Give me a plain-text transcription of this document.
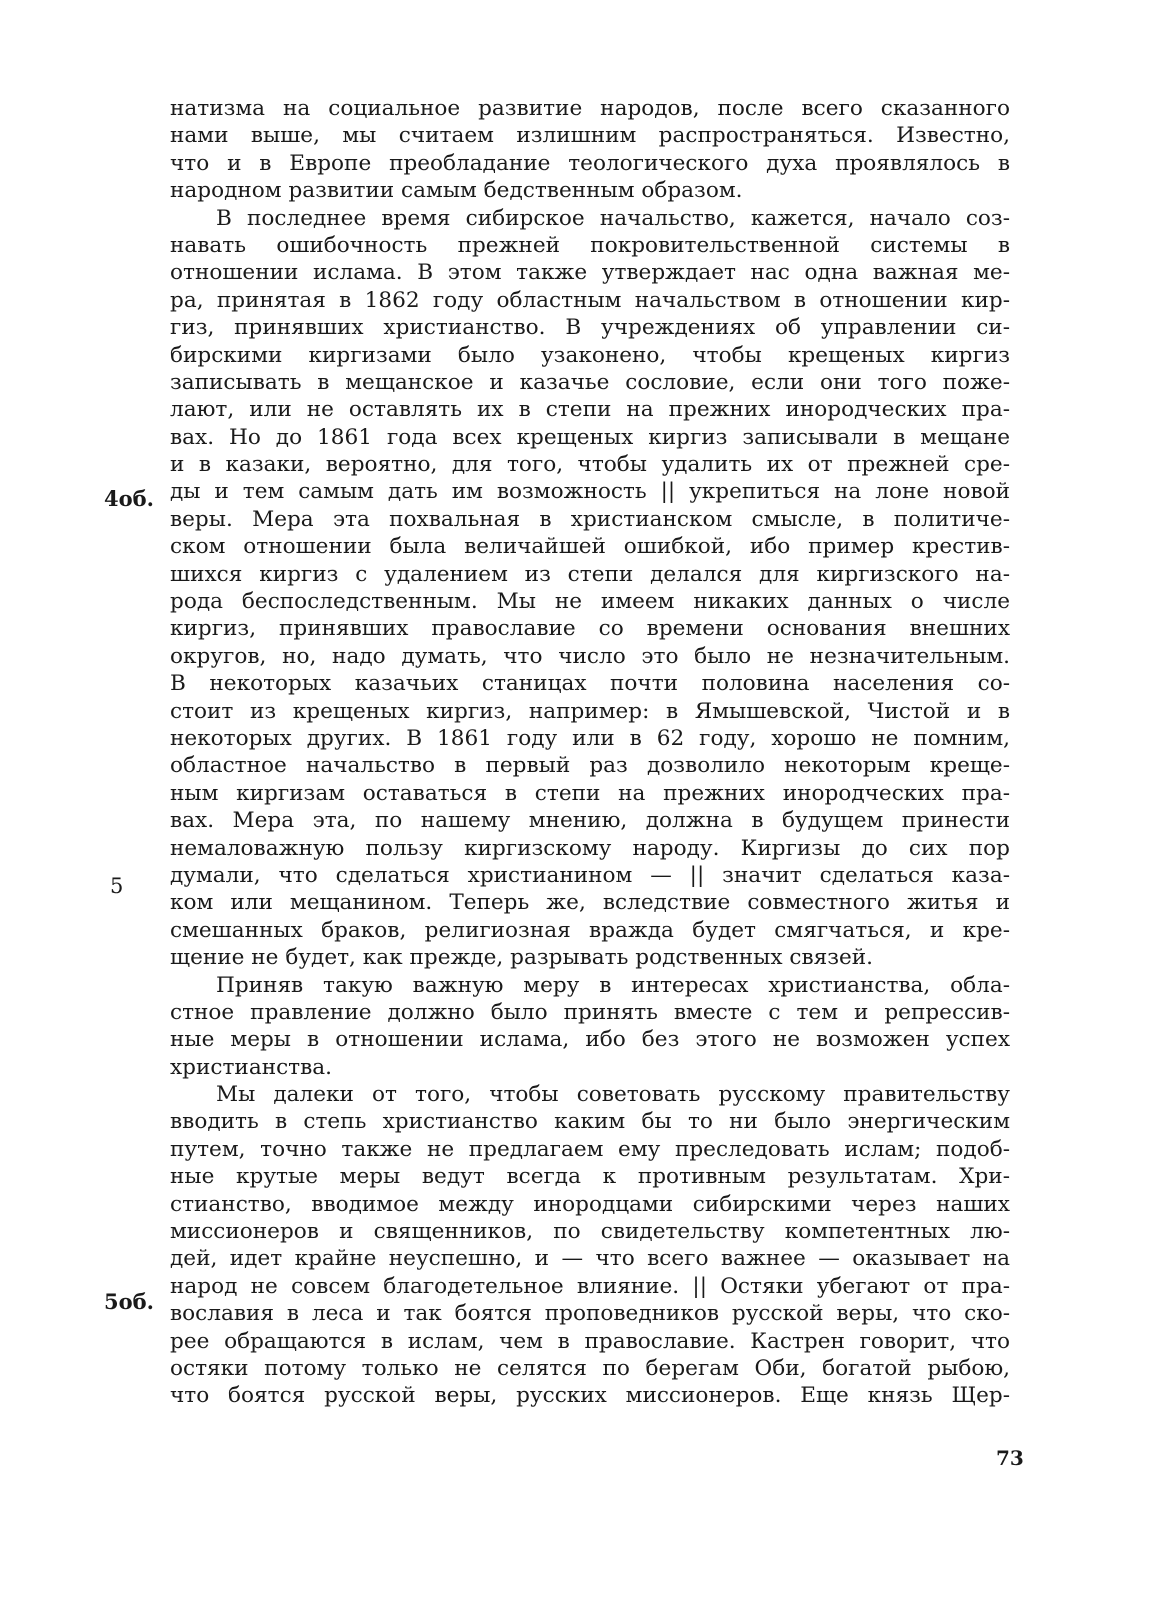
натизма на социальное развитие народов, после всего сказанного
нами выше, мы считаем излишним распространяться. Известно,
что и в Европе преобладание теологического духа проявлялось в
народном развитии самым бедственным образом.
В последнее время сибирское начальство, кажется, начало соз-
навать ошибочность прежней покровительственной системы в
отношении ислама. В этом также утверждает нас одна важная ме-
ра, принятая в 1862 году областным начальством в отношении кир-
гиз, принявших христианство. В учреждениях об управлении си-
бирскими киргизами было узаконено, чтобы крещеных киргиз
записывать в мещанское и казачье сословие, если они того поже-
лают, или не оставлять их в степи на прежних инородческих пра-
вах. Но до 1861 года всех крещеных киргиз записывали в мещане
и в казаки, вероятно, для того, чтобы удалить их от прежней сре-
ды и тем самым дать им возможность || укрепиться на лоне новой
веры. Мера эта похвальная в христианском смысле, в политиче-
ском отношении была величайшей ошибкой, ибо пример крестив-
шихся киргиз с удалением из степи делался для киргизского на-
рода беспоследственным. Мы не имеем никаких данных о числе
киргиз, принявших православие со времени основания внешних
округов, но, надо думать, что число это было не незначительным.
В некоторых казачьих станицах почти половина населения со-
стоит из крещеных киргиз, например: в Ямышевской, Чистой и в
некоторых других. В 1861 году или в 62 году, хорошо не помним,
областное начальство в первый раз дозволило некоторым креще-
ным киргизам оставаться в степи на прежних инородческих пра-
вах. Мера эта, по нашему мнению, должна в будущем принести
немаловажную пользу киргизскому народу. Киргизы до сих пор
думали, что сделаться христианином — || значит сделаться каза-
ком или мещанином. Теперь же, вследствие совместного житья и
смешанных браков, религиозная вражда будет смягчаться, и кре-
щение не будет, как прежде, разрывать родственных связей.
Приняв такую важную меру в интересах христианства, обла-
стное правление должно было принять вместе с тем и репрессив-
ные меры в отношении ислама, ибо без этого не возможен успех
христианства.
Мы далеки от того, чтобы советовать русскому правительству
вводить в степь христианство каким бы то ни было энергическим
путем, точно также не предлагаем ему преследовать ислам; подоб-
ные крутые меры ведут всегда к противным результатам. Хри-
стианство, вводимое между инородцами сибирскими через наших
миссионеров и священников, по свидетельству компетентных лю-
дей, идет крайне неуспешно, и — что всего важнее — оказывает на
народ не совсем благодетельное влияние. || Остяки убегают от пра-
вославия в леса и так боятся проповедников русской веры, что ско-
рее обращаются в ислам, чем в православие. Кастрен говорит, что
остяки потому только не селятся по берегам Оби, богатой рыбою,
что боятся русской веры, русских миссионеров. Еще князь Щер-
4об.
5
5об.
73
